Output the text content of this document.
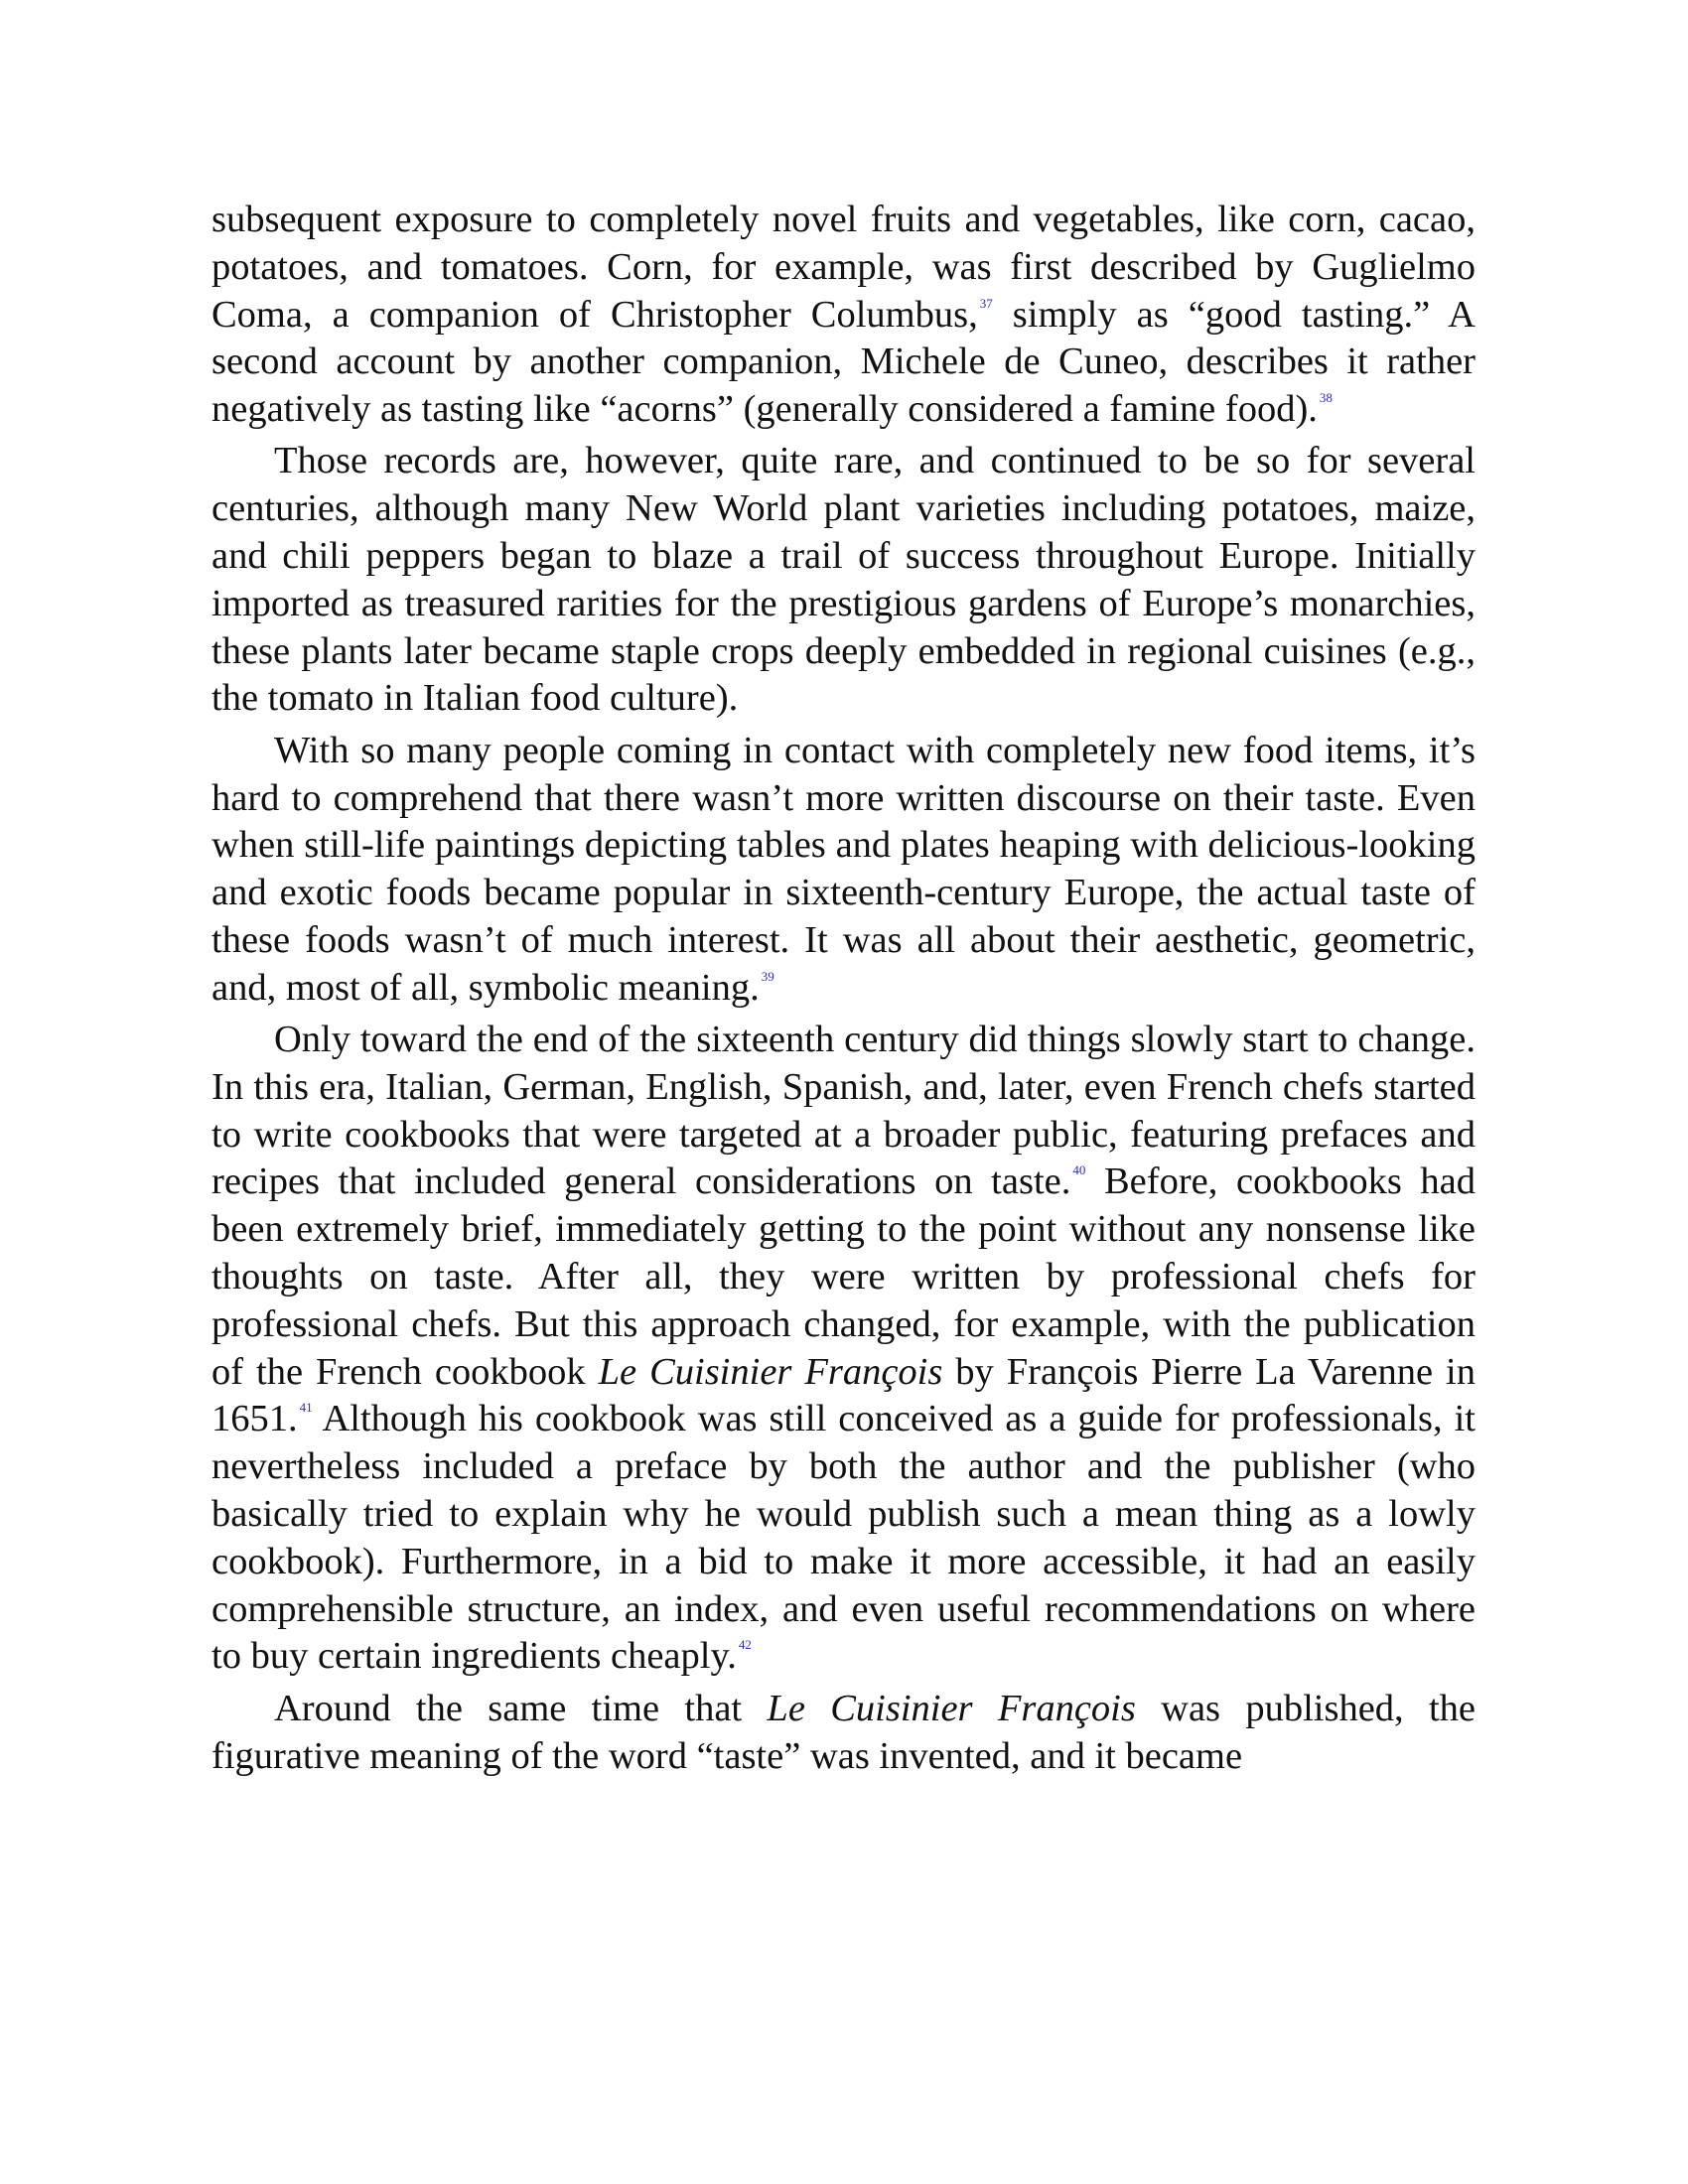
subsequent exposure to completely novel fruits and vegetables, like corn, cacao, potatoes, and tomatoes. Corn, for example, was first described by Guglielmo Coma, a companion of Christopher Columbus, $^{37}$ simply as “good tasting.” A second account by another companion, Michele de Cuneo, describes it rather negatively as tasting like “acorns” (generally considered a famine food). $^{38}$

Those records are, however, quite rare, and continued to be so for several centuries, although many New World plant varieties including potatoes, maize, and chili peppers began to blaze a trail of success throughout Europe. Initially imported as treasured rarities for the prestigious gardens of Europe’s monarchies, these plants later became staple crops deeply embedded in regional cuisines (e.g., the tomato in Italian food culture).

With so many people coming in contact with completely new food items, it’s hard to comprehend that there wasn’t more written discourse on their taste. Even when still-life paintings depicting tables and plates heaping with delicious-looking and exotic foods became popular in sixteenth-century Europe, the actual taste of these foods wasn’t of much interest. It was all about their aesthetic, geometric, and, most of all, symbolic meaning. $^{39}$

Only toward the end of the sixteenth century did things slowly start to change. In this era, Italian, German, English, Spanish, and, later, even French chefs started to write cookbooks that were targeted at a broader public, featuring prefaces and recipes that included general considerations on taste. $^{40}$ Before, cookbooks had been extremely brief, immediately getting to the point without any nonsense like thoughts on taste. After all, they were written by professional chefs for professional chefs. But this approach changed, for example, with the publication of the French cookbook Le Cuisinier François by François Pierre La Varenne in 1651. $^{41}$ Although his cookbook was still conceived as a guide for professionals, it nevertheless included a preface by both the author and the publisher (who basically tried to explain why he would publish such a mean thing as a lowly cookbook). Furthermore, in a bid to make it more accessible, it had an easily comprehensible structure, an index, and even useful recommendations on where to buy certain ingredients cheaply. $^{42}$

Around the same time that Le Cuisinier François was published, the figurative meaning of the word “taste” was invented, and it became
